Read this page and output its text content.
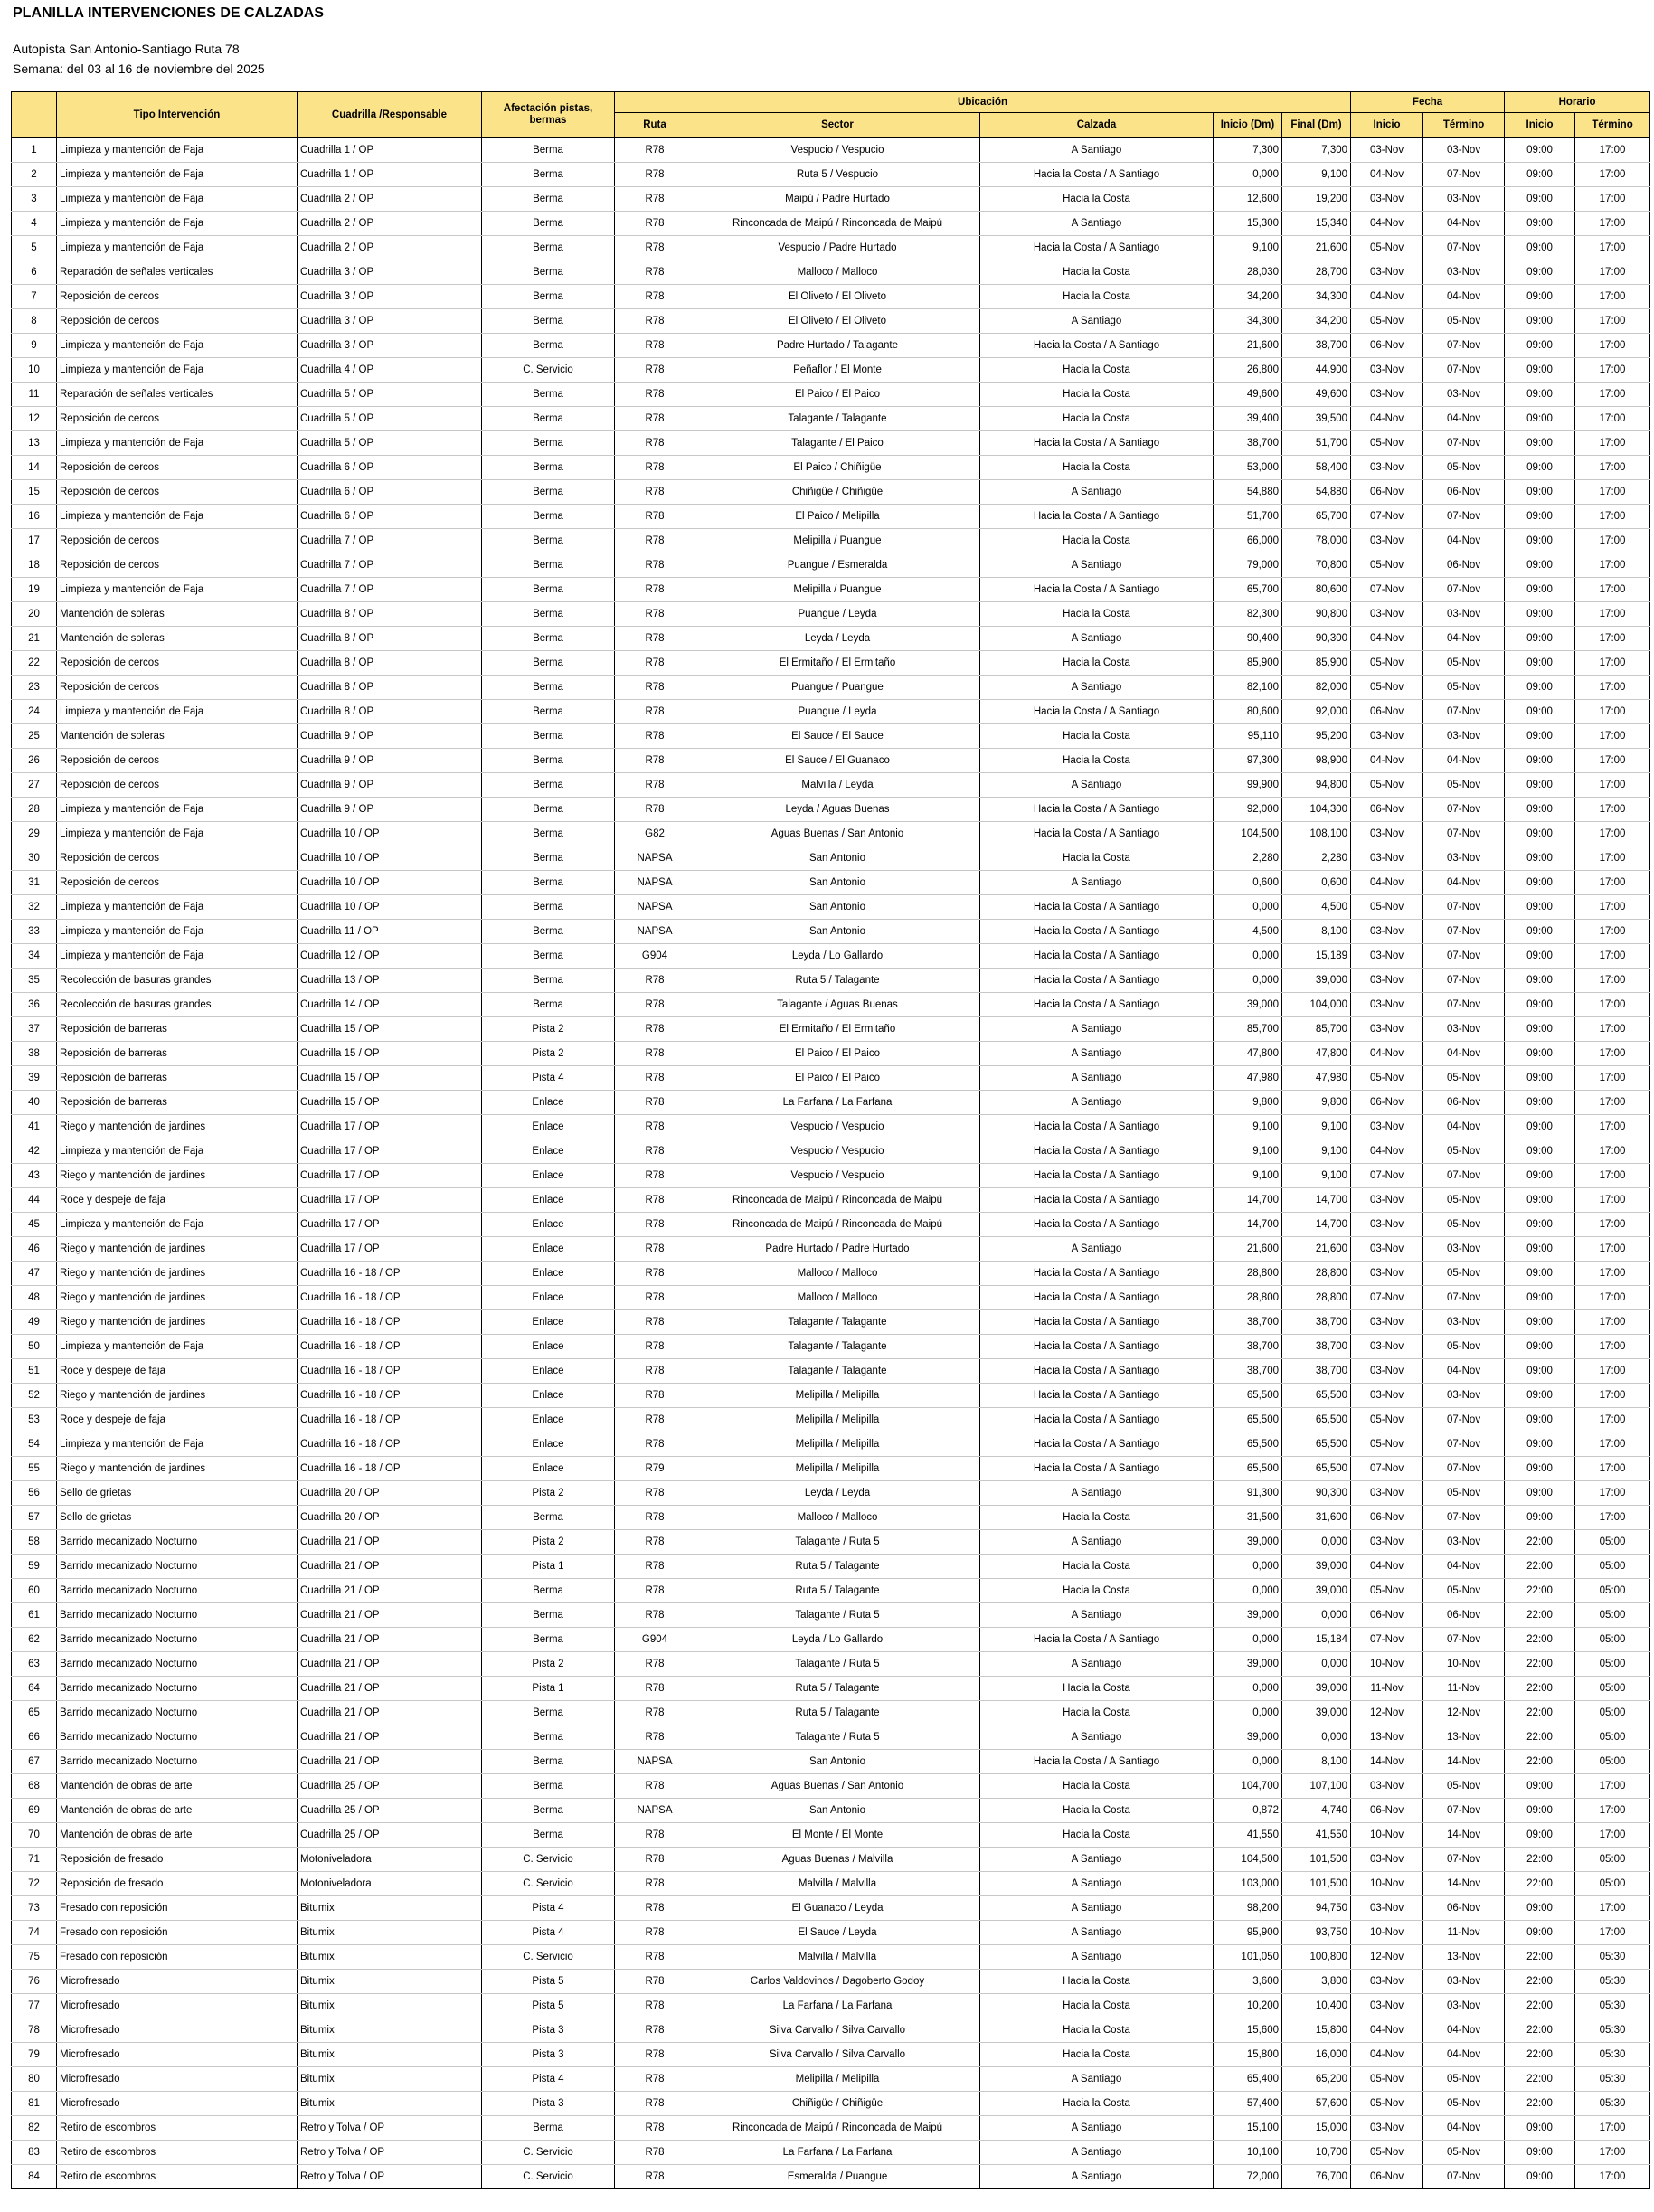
PLANILLA INTERVENCIONES DE CALZADAS
Autopista San Antonio-Santiago Ruta 78
Semana: del 03 al 16 de noviembre del 2025
	Tipo Intervención	Cuadrilla /Responsable	Afectación pistas, bermas	Ubicación					Fecha		Horario	
				Ruta	Sector	Calzada	Inicio (Dm)	Final (Dm)	Inicio	Término	Inicio	Término
1	Limpieza y mantención de Faja	Cuadrilla 1 / OP	Berma	R78	Vespucio / Vespucio	A Santiago	7,300	7,300	03-Nov	03-Nov	09:00	17:00
2	Limpieza y mantención de Faja	Cuadrilla 1 / OP	Berma	R78	Ruta 5 / Vespucio	Hacia la Costa / A Santiago	0,000	9,100	04-Nov	07-Nov	09:00	17:00
3	Limpieza y mantención de Faja	Cuadrilla 2 / OP	Berma	R78	Maipú / Padre Hurtado	Hacia la Costa	12,600	19,200	03-Nov	03-Nov	09:00	17:00
4	Limpieza y mantención de Faja	Cuadrilla 2 / OP	Berma	R78	Rinconcada de Maipú / Rinconcada de Maipú	A Santiago	15,300	15,340	04-Nov	04-Nov	09:00	17:00
5	Limpieza y mantención de Faja	Cuadrilla 2 / OP	Berma	R78	Vespucio / Padre Hurtado	Hacia la Costa / A Santiago	9,100	21,600	05-Nov	07-Nov	09:00	17:00
6	Reparación de señales verticales	Cuadrilla 3 / OP	Berma	R78	Malloco / Malloco	Hacia la Costa	28,030	28,700	03-Nov	03-Nov	09:00	17:00
7	Reposición de cercos	Cuadrilla 3 / OP	Berma	R78	El Oliveto / El Oliveto	Hacia la Costa	34,200	34,300	04-Nov	04-Nov	09:00	17:00
8	Reposición de cercos	Cuadrilla 3 / OP	Berma	R78	El Oliveto / El Oliveto	A Santiago	34,300	34,200	05-Nov	05-Nov	09:00	17:00
9	Limpieza y mantención de Faja	Cuadrilla 3 / OP	Berma	R78	Padre Hurtado / Talagante	Hacia la Costa / A Santiago	21,600	38,700	06-Nov	07-Nov	09:00	17:00
10	Limpieza y mantención de Faja	Cuadrilla 4 / OP	C. Servicio	R78	Peñaflor / El Monte	Hacia la Costa	26,800	44,900	03-Nov	07-Nov	09:00	17:00
11	Reparación de señales verticales	Cuadrilla 5 / OP	Berma	R78	El Paico / El Paico	Hacia la Costa	49,600	49,600	03-Nov	03-Nov	09:00	17:00
12	Reposición de cercos	Cuadrilla 5 / OP	Berma	R78	Talagante / Talagante	Hacia la Costa	39,400	39,500	04-Nov	04-Nov	09:00	17:00
13	Limpieza y mantención de Faja	Cuadrilla 5 / OP	Berma	R78	Talagante / El Paico	Hacia la Costa / A Santiago	38,700	51,700	05-Nov	07-Nov	09:00	17:00
14	Reposición de cercos	Cuadrilla 6 / OP	Berma	R78	El Paico / Chiñigüe	Hacia la Costa	53,000	58,400	03-Nov	05-Nov	09:00	17:00
15	Reposición de cercos	Cuadrilla 6 / OP	Berma	R78	Chiñigüe / Chiñigüe	A Santiago	54,880	54,880	06-Nov	06-Nov	09:00	17:00
16	Limpieza y mantención de Faja	Cuadrilla 6 / OP	Berma	R78	El Paico / Melipilla	Hacia la Costa / A Santiago	51,700	65,700	07-Nov	07-Nov	09:00	17:00
17	Reposición de cercos	Cuadrilla 7 / OP	Berma	R78	Melipilla / Puangue	Hacia la Costa	66,000	78,000	03-Nov	04-Nov	09:00	17:00
18	Reposición de cercos	Cuadrilla 7 / OP	Berma	R78	Puangue / Esmeralda	A Santiago	79,000	70,800	05-Nov	06-Nov	09:00	17:00
19	Limpieza y mantención de Faja	Cuadrilla 7 / OP	Berma	R78	Melipilla / Puangue	Hacia la Costa / A Santiago	65,700	80,600	07-Nov	07-Nov	09:00	17:00
20	Mantención de soleras	Cuadrilla 8 / OP	Berma	R78	Puangue / Leyda	Hacia la Costa	82,300	90,800	03-Nov	03-Nov	09:00	17:00
21	Mantención de soleras	Cuadrilla 8 / OP	Berma	R78	Leyda / Leyda	A Santiago	90,400	90,300	04-Nov	04-Nov	09:00	17:00
22	Reposición de cercos	Cuadrilla 8 / OP	Berma	R78	El Ermitaño / El Ermitaño	Hacia la Costa	85,900	85,900	05-Nov	05-Nov	09:00	17:00
23	Reposición de cercos	Cuadrilla 8 / OP	Berma	R78	Puangue / Puangue	A Santiago	82,100	82,000	05-Nov	05-Nov	09:00	17:00
24	Limpieza y mantención de Faja	Cuadrilla 8 / OP	Berma	R78	Puangue / Leyda	Hacia la Costa / A Santiago	80,600	92,000	06-Nov	07-Nov	09:00	17:00
25	Mantención de soleras	Cuadrilla 9 / OP	Berma	R78	El Sauce / El Sauce	Hacia la Costa	95,110	95,200	03-Nov	03-Nov	09:00	17:00
26	Reposición de cercos	Cuadrilla 9 / OP	Berma	R78	El Sauce / El Guanaco	Hacia la Costa	97,300	98,900	04-Nov	04-Nov	09:00	17:00
27	Reposición de cercos	Cuadrilla 9 / OP	Berma	R78	Malvilla / Leyda	A Santiago	99,900	94,800	05-Nov	05-Nov	09:00	17:00
28	Limpieza y mantención de Faja	Cuadrilla 9 / OP	Berma	R78	Leyda / Aguas Buenas	Hacia la Costa / A Santiago	92,000	104,300	06-Nov	07-Nov	09:00	17:00
29	Limpieza y mantención de Faja	Cuadrilla 10 / OP	Berma	G82	Aguas Buenas / San Antonio	Hacia la Costa / A Santiago	104,500	108,100	03-Nov	07-Nov	09:00	17:00
30	Reposición de cercos	Cuadrilla 10 / OP	Berma	NAPSA	San Antonio	Hacia la Costa	2,280	2,280	03-Nov	03-Nov	09:00	17:00
31	Reposición de cercos	Cuadrilla 10 / OP	Berma	NAPSA	San Antonio	A Santiago	0,600	0,600	04-Nov	04-Nov	09:00	17:00
32	Limpieza y mantención de Faja	Cuadrilla 10 / OP	Berma	NAPSA	San Antonio	Hacia la Costa / A Santiago	0,000	4,500	05-Nov	07-Nov	09:00	17:00
33	Limpieza y mantención de Faja	Cuadrilla 11 / OP	Berma	NAPSA	San Antonio	Hacia la Costa / A Santiago	4,500	8,100	03-Nov	07-Nov	09:00	17:00
34	Limpieza y mantención de Faja	Cuadrilla 12 / OP	Berma	G904	Leyda / Lo Gallardo	Hacia la Costa / A Santiago	0,000	15,189	03-Nov	07-Nov	09:00	17:00
35	Recolección de basuras grandes	Cuadrilla 13 / OP	Berma	R78	Ruta 5 / Talagante	Hacia la Costa / A Santiago	0,000	39,000	03-Nov	07-Nov	09:00	17:00
36	Recolección de basuras grandes	Cuadrilla 14 / OP	Berma	R78	Talagante / Aguas Buenas	Hacia la Costa / A Santiago	39,000	104,000	03-Nov	07-Nov	09:00	17:00
37	Reposición de barreras	Cuadrilla 15 / OP	Pista 2	R78	El Ermitaño / El Ermitaño	A Santiago	85,700	85,700	03-Nov	03-Nov	09:00	17:00
38	Reposición de barreras	Cuadrilla 15 / OP	Pista 2	R78	El Paico / El Paico	A Santiago	47,800	47,800	04-Nov	04-Nov	09:00	17:00
39	Reposición de barreras	Cuadrilla 15 / OP	Pista 4	R78	El Paico / El Paico	A Santiago	47,980	47,980	05-Nov	05-Nov	09:00	17:00
40	Reposición de barreras	Cuadrilla 15 / OP	Enlace	R78	La Farfana / La Farfana	A Santiago	9,800	9,800	06-Nov	06-Nov	09:00	17:00
41	Riego y mantención de jardines	Cuadrilla 17 / OP	Enlace	R78	Vespucio / Vespucio	Hacia la Costa / A Santiago	9,100	9,100	03-Nov	04-Nov	09:00	17:00
42	Limpieza y mantención de Faja	Cuadrilla 17 / OP	Enlace	R78	Vespucio / Vespucio	Hacia la Costa / A Santiago	9,100	9,100	04-Nov	05-Nov	09:00	17:00
43	Riego y mantención de jardines	Cuadrilla 17 / OP	Enlace	R78	Vespucio / Vespucio	Hacia la Costa / A Santiago	9,100	9,100	07-Nov	07-Nov	09:00	17:00
44	Roce y despeje de faja	Cuadrilla 17 / OP	Enlace	R78	Rinconcada de Maipú / Rinconcada de Maipú	Hacia la Costa / A Santiago	14,700	14,700	03-Nov	05-Nov	09:00	17:00
45	Limpieza y mantención de Faja	Cuadrilla 17 / OP	Enlace	R78	Rinconcada de Maipú / Rinconcada de Maipú	Hacia la Costa / A Santiago	14,700	14,700	03-Nov	05-Nov	09:00	17:00
46	Riego y mantención de jardines	Cuadrilla 17 / OP	Enlace	R78	Padre Hurtado / Padre Hurtado	A Santiago	21,600	21,600	03-Nov	03-Nov	09:00	17:00
47	Riego y mantención de jardines	Cuadrilla 16 - 18 / OP	Enlace	R78	Malloco / Malloco	Hacia la Costa / A Santiago	28,800	28,800	03-Nov	05-Nov	09:00	17:00
48	Riego y mantención de jardines	Cuadrilla 16 - 18 / OP	Enlace	R78	Malloco / Malloco	Hacia la Costa / A Santiago	28,800	28,800	07-Nov	07-Nov	09:00	17:00
49	Riego y mantención de jardines	Cuadrilla 16 - 18 / OP	Enlace	R78	Talagante / Talagante	Hacia la Costa / A Santiago	38,700	38,700	03-Nov	03-Nov	09:00	17:00
50	Limpieza y mantención de Faja	Cuadrilla 16 - 18 / OP	Enlace	R78	Talagante / Talagante	Hacia la Costa / A Santiago	38,700	38,700	03-Nov	05-Nov	09:00	17:00
51	Roce y despeje de faja	Cuadrilla 16 - 18 / OP	Enlace	R78	Talagante / Talagante	Hacia la Costa / A Santiago	38,700	38,700	03-Nov	04-Nov	09:00	17:00
52	Riego y mantención de jardines	Cuadrilla 16 - 18 / OP	Enlace	R78	Melipilla / Melipilla	Hacia la Costa / A Santiago	65,500	65,500	03-Nov	03-Nov	09:00	17:00
53	Roce y despeje de faja	Cuadrilla 16 - 18 / OP	Enlace	R78	Melipilla / Melipilla	Hacia la Costa / A Santiago	65,500	65,500	05-Nov	07-Nov	09:00	17:00
54	Limpieza y mantención de Faja	Cuadrilla 16 - 18 / OP	Enlace	R78	Melipilla / Melipilla	Hacia la Costa / A Santiago	65,500	65,500	05-Nov	07-Nov	09:00	17:00
55	Riego y mantención de jardines	Cuadrilla 16 - 18 / OP	Enlace	R79	Melipilla / Melipilla	Hacia la Costa / A Santiago	65,500	65,500	07-Nov	07-Nov	09:00	17:00
56	Sello de grietas	Cuadrilla 20 / OP	Pista 2	R78	Leyda / Leyda	A Santiago	91,300	90,300	03-Nov	05-Nov	09:00	17:00
57	Sello de grietas	Cuadrilla 20 / OP	Berma	R78	Malloco / Malloco	Hacia la Costa	31,500	31,600	06-Nov	07-Nov	09:00	17:00
58	Barrido mecanizado Nocturno	Cuadrilla 21 / OP	Pista 2	R78	Talagante / Ruta 5	A Santiago	39,000	0,000	03-Nov	03-Nov	22:00	05:00
59	Barrido mecanizado Nocturno	Cuadrilla 21 / OP	Pista 1	R78	Ruta 5 / Talagante	Hacia la Costa	0,000	39,000	04-Nov	04-Nov	22:00	05:00
60	Barrido mecanizado Nocturno	Cuadrilla 21 / OP	Berma	R78	Ruta 5 / Talagante	Hacia la Costa	0,000	39,000	05-Nov	05-Nov	22:00	05:00
61	Barrido mecanizado Nocturno	Cuadrilla 21 / OP	Berma	R78	Talagante / Ruta 5	A Santiago	39,000	0,000	06-Nov	06-Nov	22:00	05:00
62	Barrido mecanizado Nocturno	Cuadrilla 21 / OP	Berma	G904	Leyda / Lo Gallardo	Hacia la Costa / A Santiago	0,000	15,184	07-Nov	07-Nov	22:00	05:00
63	Barrido mecanizado Nocturno	Cuadrilla 21 / OP	Pista 2	R78	Talagante / Ruta 5	A Santiago	39,000	0,000	10-Nov	10-Nov	22:00	05:00
64	Barrido mecanizado Nocturno	Cuadrilla 21 / OP	Pista 1	R78	Ruta 5 / Talagante	Hacia la Costa	0,000	39,000	11-Nov	11-Nov	22:00	05:00
65	Barrido mecanizado Nocturno	Cuadrilla 21 / OP	Berma	R78	Ruta 5 / Talagante	Hacia la Costa	0,000	39,000	12-Nov	12-Nov	22:00	05:00
66	Barrido mecanizado Nocturno	Cuadrilla 21 / OP	Berma	R78	Talagante / Ruta 5	A Santiago	39,000	0,000	13-Nov	13-Nov	22:00	05:00
67	Barrido mecanizado Nocturno	Cuadrilla 21 / OP	Berma	NAPSA	San Antonio	Hacia la Costa / A Santiago	0,000	8,100	14-Nov	14-Nov	22:00	05:00
68	Mantención de obras de arte	Cuadrilla 25 / OP	Berma	R78	Aguas Buenas / San Antonio	Hacia la Costa	104,700	107,100	03-Nov	05-Nov	09:00	17:00
69	Mantención de obras de arte	Cuadrilla 25 / OP	Berma	NAPSA	San Antonio	Hacia la Costa	0,872	4,740	06-Nov	07-Nov	09:00	17:00
70	Mantención de obras de arte	Cuadrilla 25 / OP	Berma	R78	El Monte / El Monte	Hacia la Costa	41,550	41,550	10-Nov	14-Nov	09:00	17:00
71	Reposición de fresado	Motoniveladora	C. Servicio	R78	Aguas Buenas / Malvilla	A Santiago	104,500	101,500	03-Nov	07-Nov	22:00	05:00
72	Reposición de fresado	Motoniveladora	C. Servicio	R78	Malvilla / Malvilla	A Santiago	103,000	101,500	10-Nov	14-Nov	22:00	05:00
73	Fresado con reposición	Bitumix	Pista 4	R78	El Guanaco / Leyda	A Santiago	98,200	94,750	03-Nov	06-Nov	09:00	17:00
74	Fresado con reposición	Bitumix	Pista 4	R78	El Sauce / Leyda	A Santiago	95,900	93,750	10-Nov	11-Nov	09:00	17:00
75	Fresado con reposición	Bitumix	C. Servicio	R78	Malvilla / Malvilla	A Santiago	101,050	100,800	12-Nov	13-Nov	22:00	05:30
76	Microfresado	Bitumix	Pista 5	R78	Carlos Valdovinos / Dagoberto Godoy	Hacia la Costa	3,600	3,800	03-Nov	03-Nov	22:00	05:30
77	Microfresado	Bitumix	Pista 5	R78	La Farfana / La Farfana	Hacia la Costa	10,200	10,400	03-Nov	03-Nov	22:00	05:30
78	Microfresado	Bitumix	Pista 3	R78	Silva Carvallo / Silva Carvallo	Hacia la Costa	15,600	15,800	04-Nov	04-Nov	22:00	05:30
79	Microfresado	Bitumix	Pista 3	R78	Silva Carvallo / Silva Carvallo	Hacia la Costa	15,800	16,000	04-Nov	04-Nov	22:00	05:30
80	Microfresado	Bitumix	Pista 4	R78	Melipilla / Melipilla	A Santiago	65,400	65,200	05-Nov	05-Nov	22:00	05:30
81	Microfresado	Bitumix	Pista 3	R78	Chiñigüe / Chiñigüe	Hacia la Costa	57,400	57,600	05-Nov	05-Nov	22:00	05:30
82	Retiro de escombros	Retro y Tolva / OP	Berma	R78	Rinconcada de Maipú / Rinconcada de Maipú	A Santiago	15,100	15,000	03-Nov	04-Nov	09:00	17:00
83	Retiro de escombros	Retro y Tolva / OP	C. Servicio	R78	La Farfana / La Farfana	A Santiago	10,100	10,700	05-Nov	05-Nov	09:00	17:00
84	Retiro de escombros	Retro y Tolva / OP	C. Servicio	R78	Esmeralda / Puangue	A Santiago	72,000	76,700	06-Nov	07-Nov	09:00	17:00
